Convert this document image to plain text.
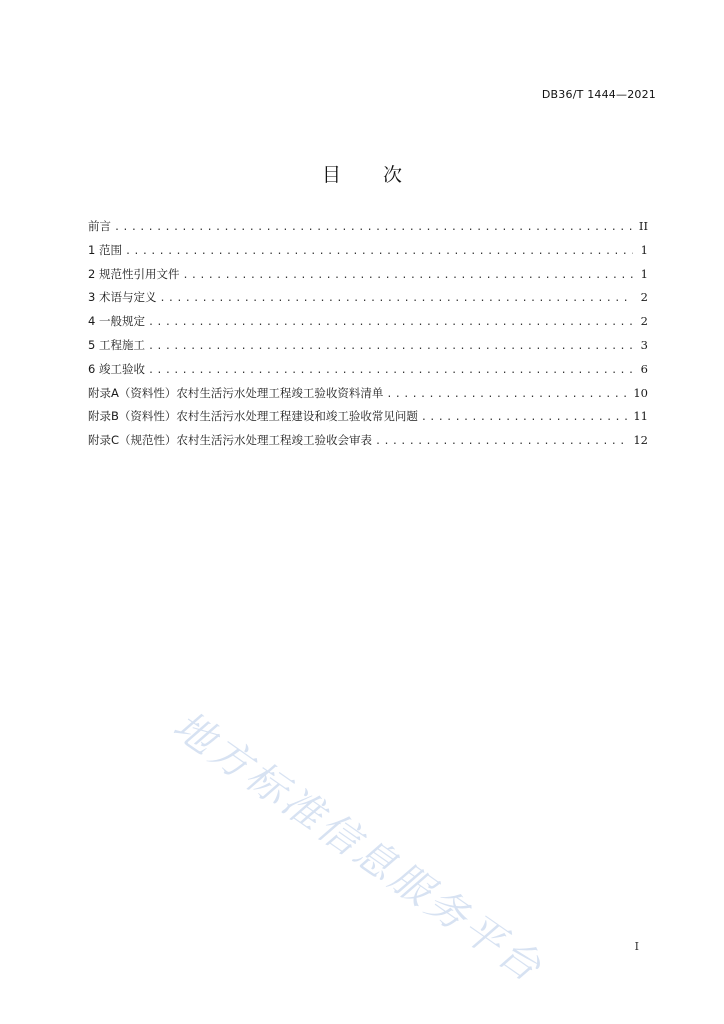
DB36/T 1444—2021
目 次
前言 .....	II
1 范围 .....	1
2 规范性引用文件 .....	1
3 术语与定义 .....	2
4 一般规定 .....	2
5 工程施工 .....	3
6 竣工验收 .....	6
附录A（资料性）农村生活污水处理工程竣工验收资料清单 .....	10
附录B（资料性）农村生活污水处理工程建设和竣工验收常见问题 .....	11
附录C（规范性）农村生活污水处理工程竣工验收会审表 .....	12
地方标准信息服务平台	I
